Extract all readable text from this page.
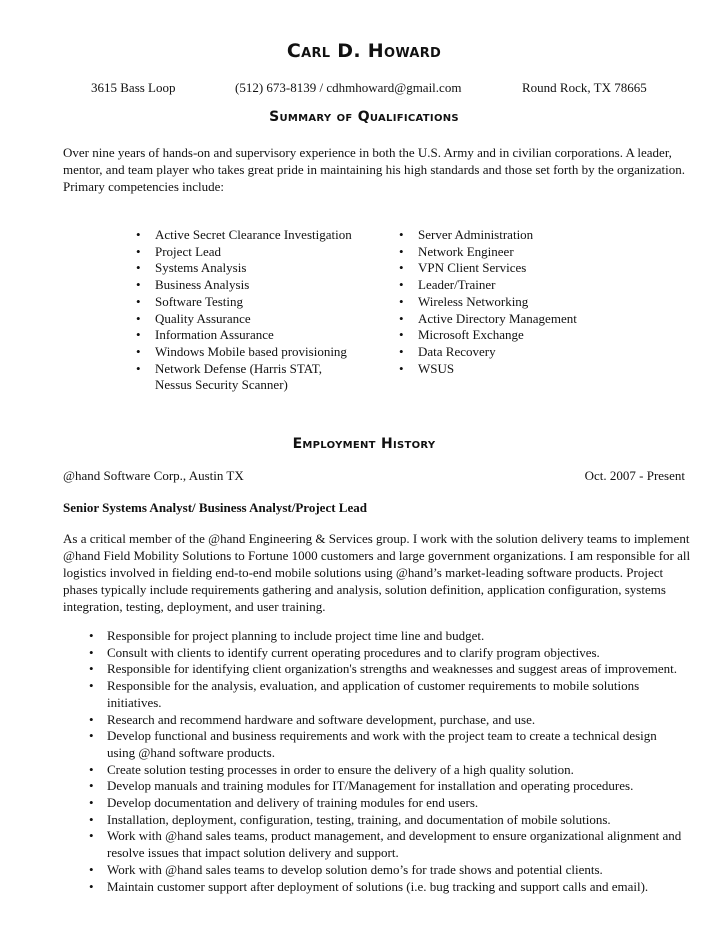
Carl D. Howard
3615 Bass Loop	(512) 673-8139 / cdhmhoward@gmail.com	Round Rock, TX 78665
Summary of Qualifications

Over nine years of hands-on and supervisory experience in both the U.S. Army and in civilian corporations. A leader, mentor, and team player who takes great pride in maintaining his high standards and those set forth by the organization. Primary competencies include:

• Active Secret Clearance Investigation
• Project Lead
• Systems Analysis
• Business Analysis
• Software Testing
• Quality Assurance
• Information Assurance
• Windows Mobile based provisioning
• Network Defense (Harris STAT, Nessus Security Scanner)
• Server Administration
• Network Engineer
• VPN Client Services
• Leader/Trainer
• Wireless Networking
• Active Directory Management
• Microsoft Exchange
• Data Recovery
• WSUS
Employment History
@hand Software Corp., Austin TX	Oct. 2007 - Present
Senior Systems Analyst/ Business Analyst/Project Lead

As a critical member of the @hand Engineering & Services group. I work with the solution delivery teams to implement @hand Field Mobility Solutions to Fortune 1000 customers and large government organizations. I am responsible for all logistics involved in fielding end-to-end mobile solutions using @hand’s market-leading software products. Project phases typically include requirements gathering and analysis, solution definition, application configuration, systems integration, testing, deployment, and user training.

• Responsible for project planning to include project time line and budget.
• Consult with clients to identify current operating procedures and to clarify program objectives.
• Responsible for identifying client organization's strengths and weaknesses and suggest areas of improvement.
• Responsible for the analysis, evaluation, and application of customer requirements to mobile solutions initiatives.
• Research and recommend hardware and software development, purchase, and use.
• Develop functional and business requirements and work with the project team to create a technical design using @hand software products.
• Create solution testing processes in order to ensure the delivery of a high quality solution.
• Develop manuals and training modules for IT/Management for installation and operating procedures.
• Develop documentation and delivery of training modules for end users.
• Installation, deployment, configuration, testing, training, and documentation of mobile solutions.
• Work with @hand sales teams, product management, and development to ensure organizational alignment and resolve issues that impact solution delivery and support.
• Work with @hand sales teams to develop solution demo’s for trade shows and potential clients.
• Maintain customer support after deployment of solutions (i.e. bug tracking and support calls and email).
